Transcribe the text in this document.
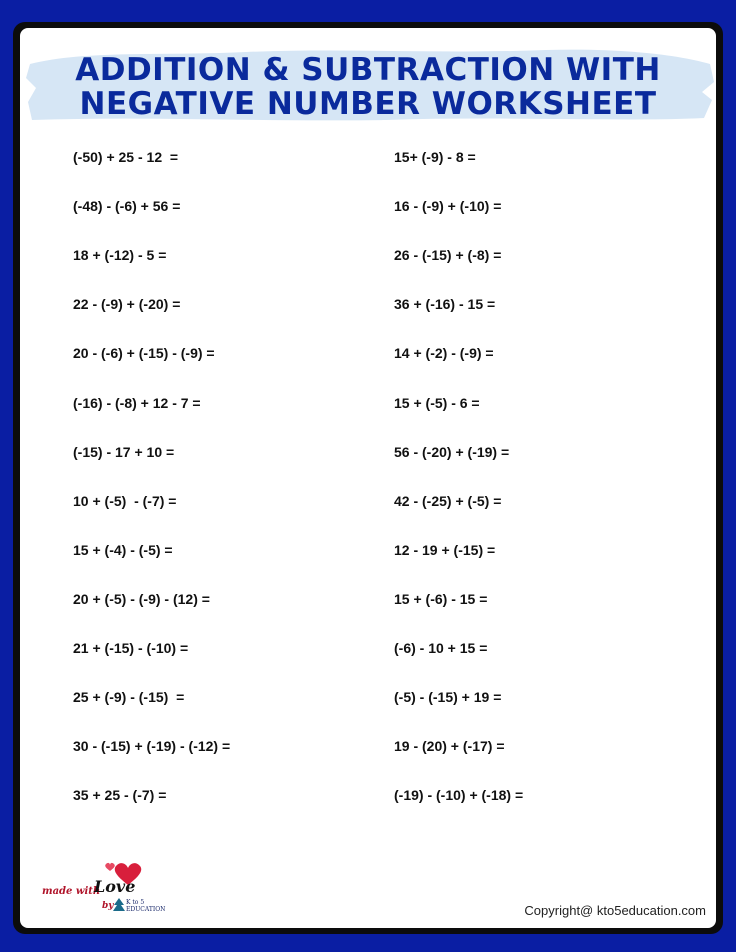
ADDITION & SUBTRACTION WITH
NEGATIVE NUMBER WORKSHEET
(-50) + 25 - 12  =
(-48) - (-6) + 56 =
18 + (-12) - 5 =
22 - (-9) + (-20) =
20 - (-6) + (-15) - (-9) =
(-16) - (-8) + 12 - 7 =
(-15) - 17 + 10 =
10 + (-5)  - (-7) =
15 + (-4) - (-5) =
20 + (-5) - (-9) - (12) =
21 + (-15) - (-10) =
25 + (-9) - (-15)  =
30 - (-15) + (-19) - (-12) =
35 + 25 - (-7) =
15+ (-9) - 8 =
16 - (-9) + (-10) =
26 - (-15) + (-8) =
36 + (-16) - 15 =
14 + (-2) - (-9) =
15 + (-5) - 6 =
56 - (-20) + (-19) =
42 - (-25) + (-5) =
12 - 19 + (-15) =
15 + (-6) - 15 =
(-6) - 10 + 15 =
(-5) - (-15) + 19 =
19 - (20) + (-17) =
(-19) - (-10) + (-18) =
made with
Love
by K to 5
EDUCATION	Copyright@ kto5education.com
